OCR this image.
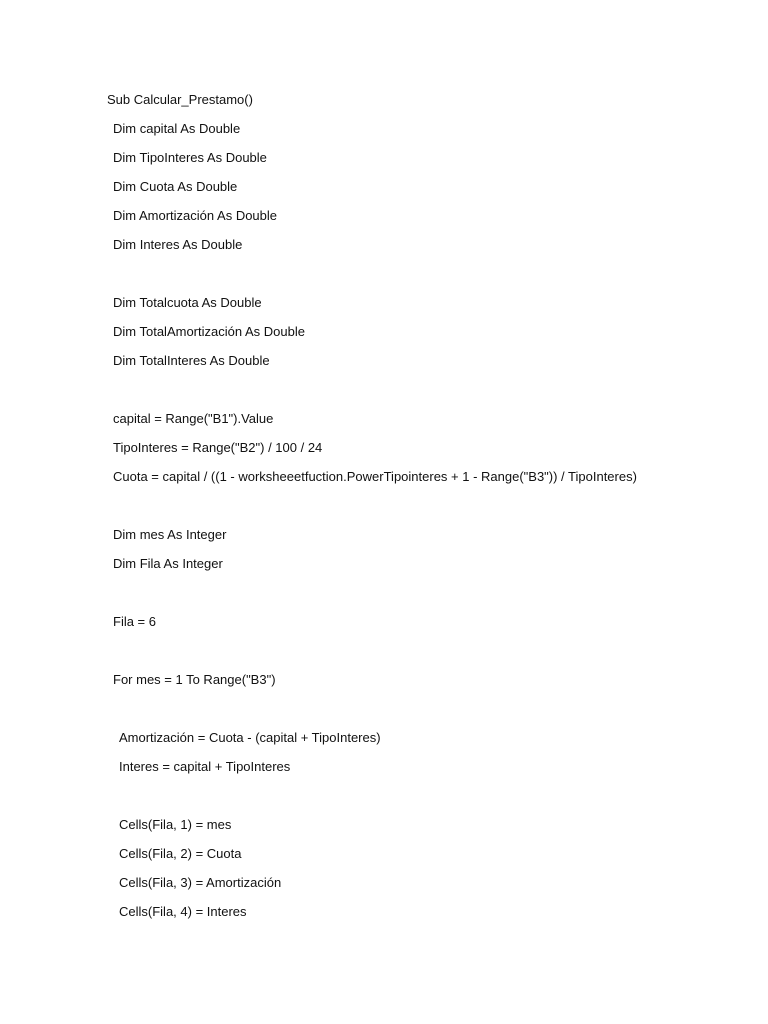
Sub Calcular_Prestamo()
Dim capital As Double
Dim TipoInteres As Double
Dim Cuota As Double
Dim Amortización As Double
Dim Interes As Double
Dim Totalcuota As Double
Dim TotalAmortización As Double
Dim TotalInteres As Double
capital = Range("B1").Value
TipoInteres = Range("B2") / 100 / 24
Cuota = capital / ((1 - worksheeetfuction.PowerTipointeres + 1 - Range("B3")) / TipoInteres)
Dim mes As Integer
Dim Fila As Integer
Fila = 6
For mes = 1 To Range("B3")
Amortización = Cuota - (capital + TipoInteres)
Interes = capital + TipoInteres
Cells(Fila, 1) = mes
Cells(Fila, 2) = Cuota
Cells(Fila, 3) = Amortización
Cells(Fila, 4) = Interes
